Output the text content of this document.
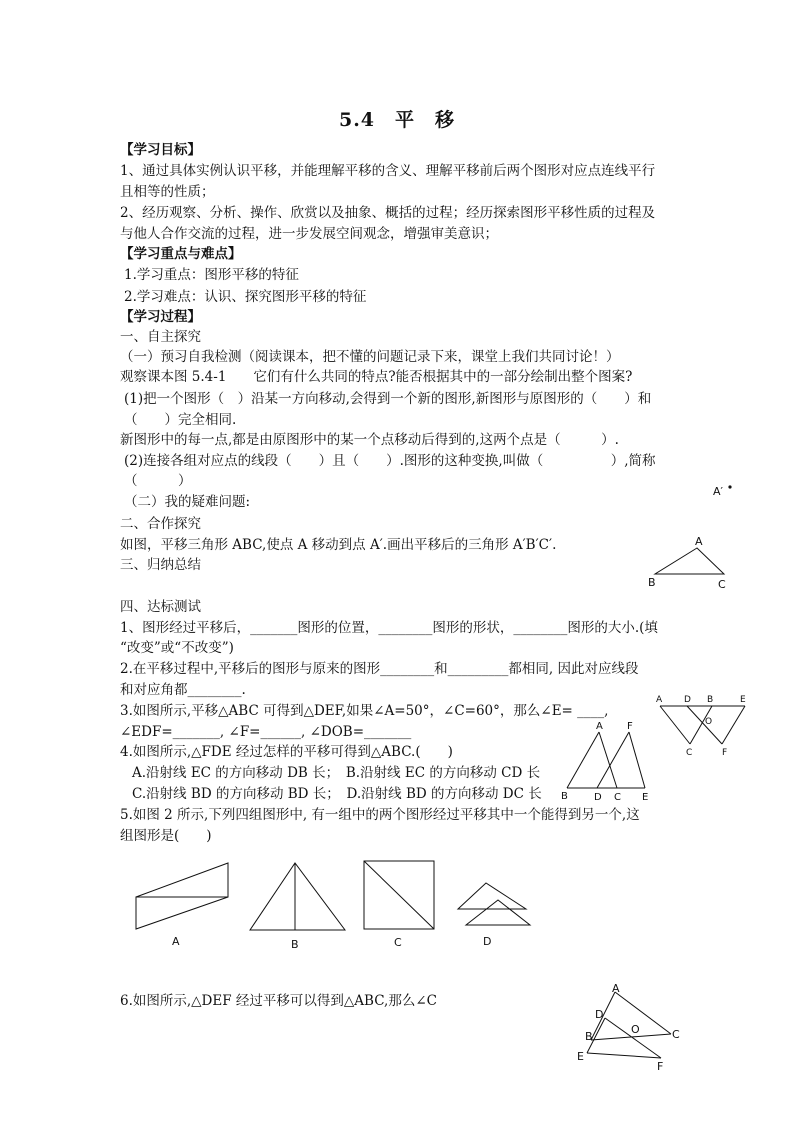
5.4　平　移
【学习目标】
1、通过具体实例认识平移，并能理解平移的含义、理解平移前后两个图形对应点连线平行
且相等的性质；
2、经历观察、分析、操作、欣赏以及抽象、概括的过程；经历探索图形平移性质的过程及
与他人合作交流的过程，进一步发展空间观念，增强审美意识；
【学习重点与难点】
1.学习重点：图形平移的特征
2.学习难点：认识、探究图形平移的特征
【学习过程】
一、自主探究
（一）预习自我检测（阅读课本，把不懂的问题记录下来，课堂上我们共同讨论！）
观察课本图 5.4-1　　它们有什么共同的特点?能否根据其中的一部分绘制出整个图案?
(1)把一个图形（　）沿某一方向移动,会得到一个新的图形,新图形与原图形的（　　）和
（　　）完全相同.
新图形中的每一点,都是由原图形中的某一个点移动后得到的,这两个点是（　　　）.
(2)连接各组对应点的线段（　　）且（　　）.图形的这种变换,叫做（　　　　　）,简称
（　　　）
（二）我的疑难问题:
二、合作探究
如图，平移三角形 ABC,使点 A 移动到点 A′.画出平移后的三角形 A′B′C′.
三、归纳总结
四、达标测试
1、图形经过平移后，_______图形的位置，________图形的形状，________图形的大小.(填
“改变”或“不改变”)
2.在平移过程中,平移后的图形与原来的图形________和_________都相同, 因此对应线段
和对应角都________.
3.如图所示,平移△ABC 可得到△DEF,如果∠A=50°，∠C=60°，那么∠E= ____,
∠EDF=_______, ∠F=______, ∠DOB=_______
4.如图所示,△FDE 经过怎样的平移可得到△ABC.(　　)
A.沿射线 EC 的方向移动 DB 长；　B.沿射线 EC 的方向移动 CD 长
C.沿射线 BD 的方向移动 BD 长；　D.沿射线 BD 的方向移动 DC 长
5.如图 2 所示,下列四组图形中, 有一组中的两个图形经过平移其中一个能得到另一个,这
组图形是(　　)
6.如图所示,△DEF 经过平移可以得到△ABC,那么∠C
A′
A
B	C
A D B	E
O
C	F
A F
B	D C E
A	B	C	D
A
D
B
O	C
E
F
